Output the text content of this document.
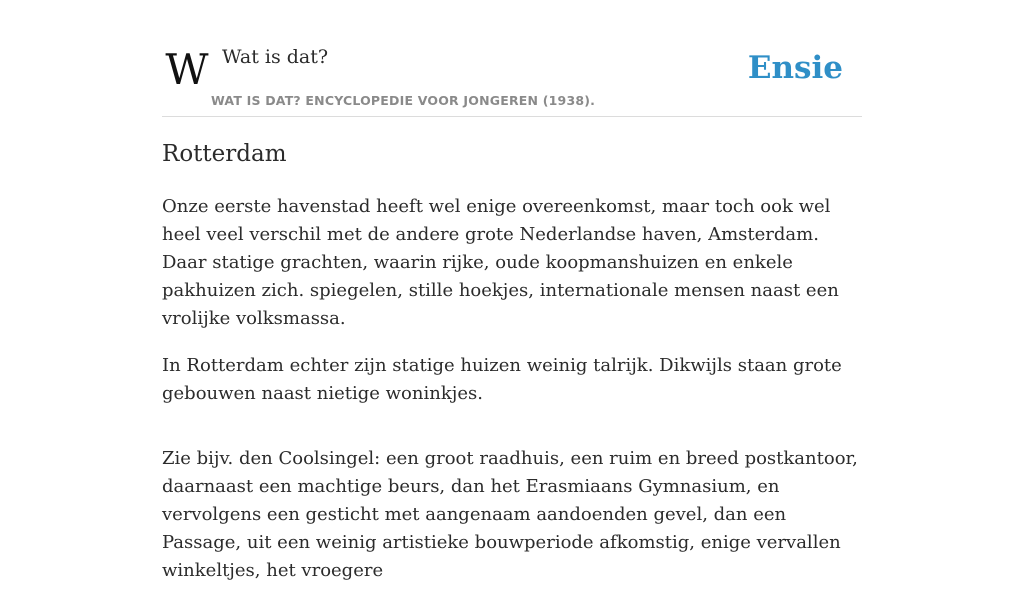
W Wat is dat?
WAT IS DAT? ENCYCLOPEDIE VOOR JONGEREN (1938).
Ensie
Rotterdam

Onze eerste havenstad heeft wel enige overeenkomst, maar toch ook wel heel veel verschil met de andere grote Nederlandse haven, Amsterdam. Daar statige grachten, waarin rijke, oude koopmanshuizen en enkele pakhuizen zich. spiegelen, stille hoekjes, internationale mensen naast een vrolijke volksmassa.

In Rotterdam echter zijn statige huizen weinig talrijk. Dikwijls staan grote gebouwen naast nietige woninkjes.

Zie bijv. den Coolsingel: een groot raadhuis, een ruim en breed postkantoor, daarnaast een machtige beurs, dan het Erasmiaans Gymnasium, en vervolgens een gesticht met aangenaam aandoenden gevel, dan een Passage, uit een weinig artistieke bouwperiode afkomstig, enige vervallen winkeltjes, het vroegere
